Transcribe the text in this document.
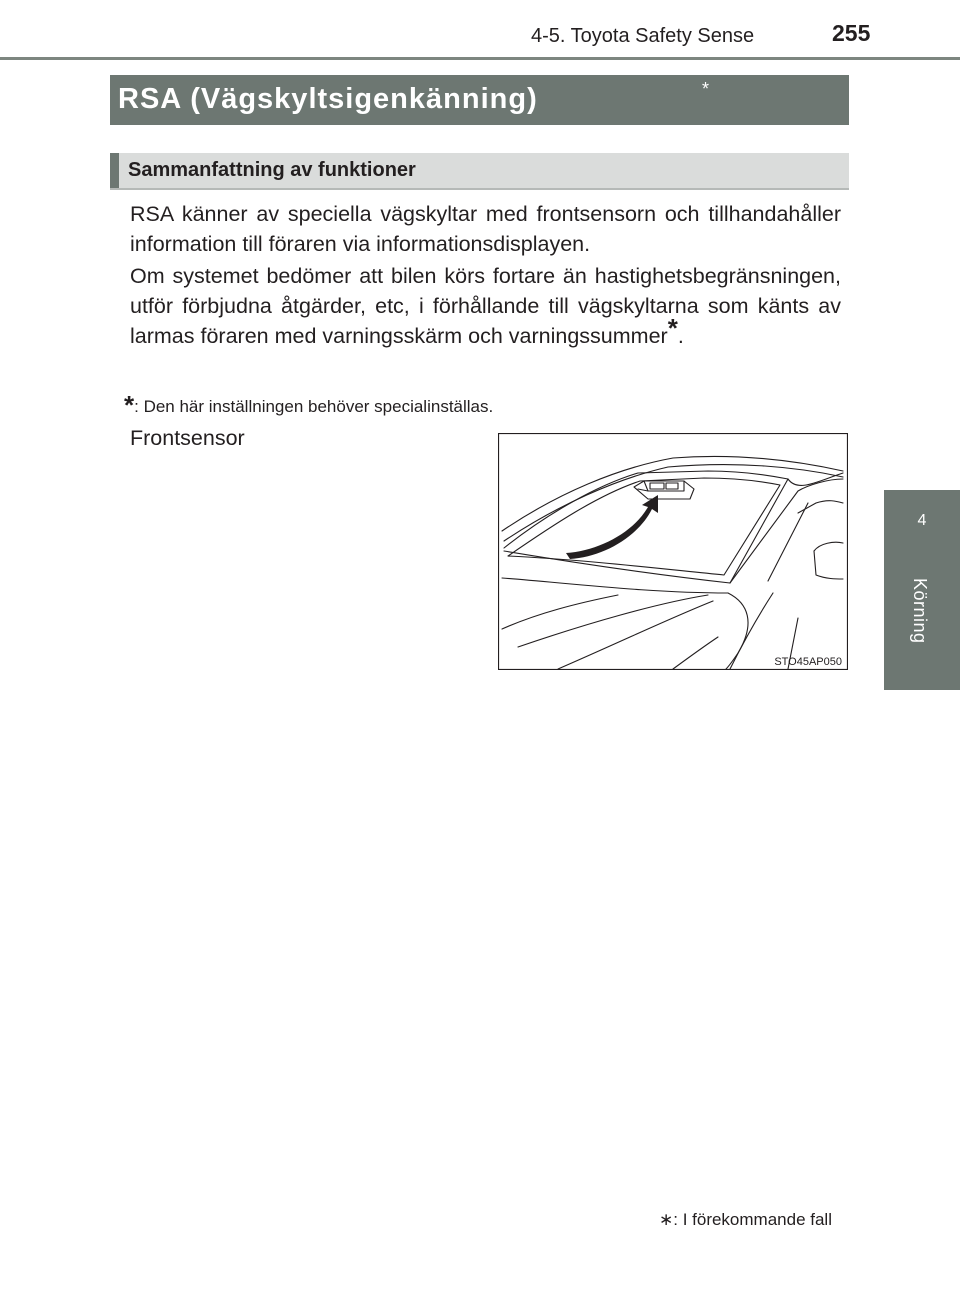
4-5. Toyota Safety Sense	255
4
Körning
RSA (Vägskyltsigenkänning)	*
Sammanfattning av funktioner

RSA känner av speciella vägskyltar med frontsensorn och tillhandahåller information till föraren via informationsdisplayen.

Om systemet bedömer att bilen körs fortare än hastighetsbegränsningen, utför förbjudna åtgärder, etc, i förhållande till vägskyltarna som känts av larmas föraren med varningsskärm och varningssummer*.

*: Den här inställningen behöver specialinställas.
Frontsensor
STO45AP050
∗: I förekommande fall
